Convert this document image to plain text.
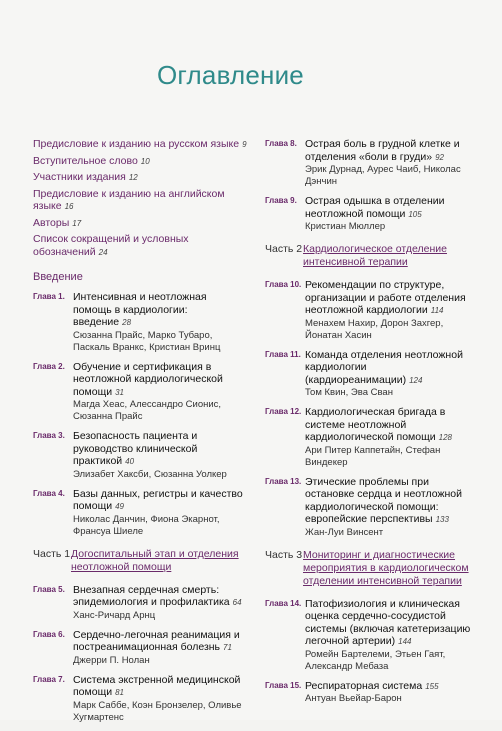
Оглавление
Предисловие к изданию на русском языке 9
Вступительное слово 10
Участники издания 12
Предисловие к изданию на английском языке 16
Авторы 17
Список сокращений и условных обозначений 24
Введение
Глава 1. Интенсивная и неотложная помощь в кардиологии: введение 28
Сюзанна Прайс, Марко Тубаро, Паскаль Вранкс, Кристиан Вринц
Глава 2. Обучение и сертификация в неотложной кардиологической помощи 31
Магда Хеас, Алессандро Сионис, Сюзанна Прайс
Глава 3. Безопасность пациента и руководство клинической практикой 40
Элизабет Хаксби, Сюзанна Уолкер
Глава 4. Базы данных, регистры и качество помощи 49
Николас Данчин, Фиона Экарнот, Франсуа Шиеле
Часть 1 Догоспитальный этап и отделения неотложной помощи
Глава 5. Внезапная сердечная смерть: эпидемиология и профилактика 64
Ханс-Ричард Арнц
Глава 6. Сердечно-легочная реанимация и постреанимационная болезнь 71
Джерри П. Нолан
Глава 7. Система экстренной медицинской помощи 81
Марк Саббе, Коэн Бронзелер, Оливье Хугмартенс
Глава 8. Острая боль в грудной клетке и отделения «боли в груди» 92
Эрик Дурнад, Аурес Чаиб, Николас Дэнчин
Глава 9. Острая одышка в отделении неотложной помощи 105
Кристиан Мюллер
Часть 2 Кардиологическое отделение интенсивной терапии
Глава 10. Рекомендации по структуре, организации и работе отделения неотложной кардиологии 114
Менахем Нахир, Дорон Захгер, Йонатан Хасин
Глава 11. Команда отделения неотложной кардиологии (кардиореанимации) 124
Том Квин, Эва Сван
Глава 12. Кардиологическая бригада в системе неотложной кардиологической помощи 128
Ари Питер Каппетайн, Стефан Виндекер
Глава 13. Этические проблемы при остановке сердца и неотложной кардиологической помощи: европейские перспективы 133
Жан-Луи Винсент
Часть 3 Мониторинг и диагностические мероприятия в кардиологическом отделении интенсивной терапии
Глава 14. Патофизиология и клиническая оценка сердечно-сосудистой системы (включая катетеризацию легочной артерии) 144
Ромейн Бартелеми, Этьен Гаят, Александр Мебаза
Глава 15. Респираторная система 155
Антуан Вьейар-Барон
